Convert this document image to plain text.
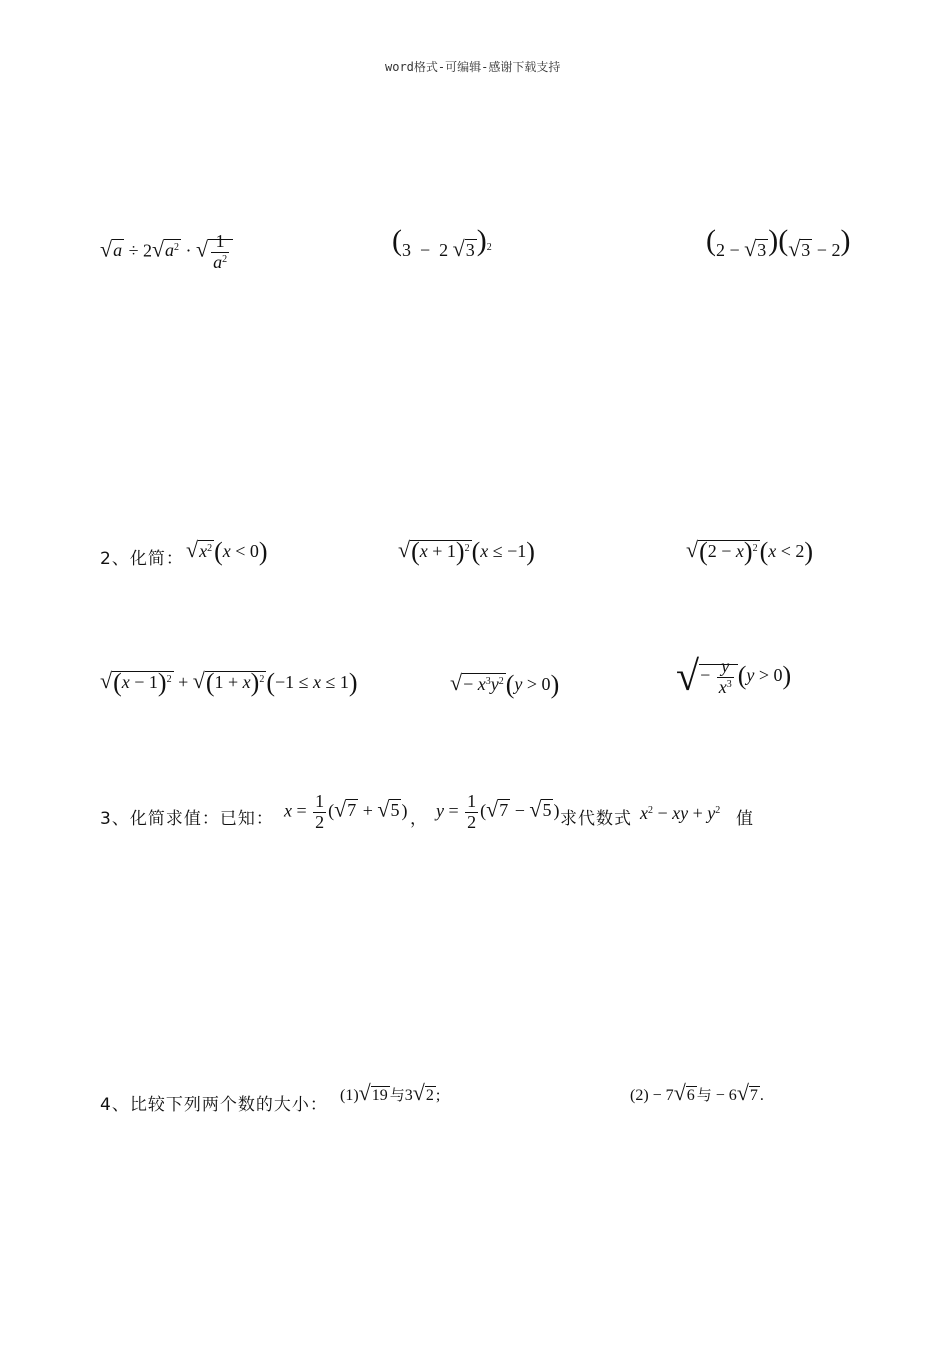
word格式-可编辑-感谢下载支持
$√a \div 2√a^2$ · √ $\frac{1}{a^2}$	(3  −  2 √3)$^2$	(2 − √3)(√3 − 2)
2、化简： $√x^2(x < 0)$	$√(x + 1)^2(x \le -1)$	$√(2 - x)^2(x < 2)$
$√(x - 1)^2 + √(1 + x)^2(-1 \le x \le 1)$	√− $x^3y^2(y > 0)$	√− $\frac{y}{x^3} (y > 0)$
3、化简求值：已知： $x = \frac{1}{2} (√7 + √5$ ) ， $y = \frac{1}{2} (√7 - √5$ ) 求代数式 $x^2$ − xy + $y^2$ 值
4、比较下列两个数的大小： (1)√19 与3√2 ;	(2) − 7√6 与 − 6√7 .
